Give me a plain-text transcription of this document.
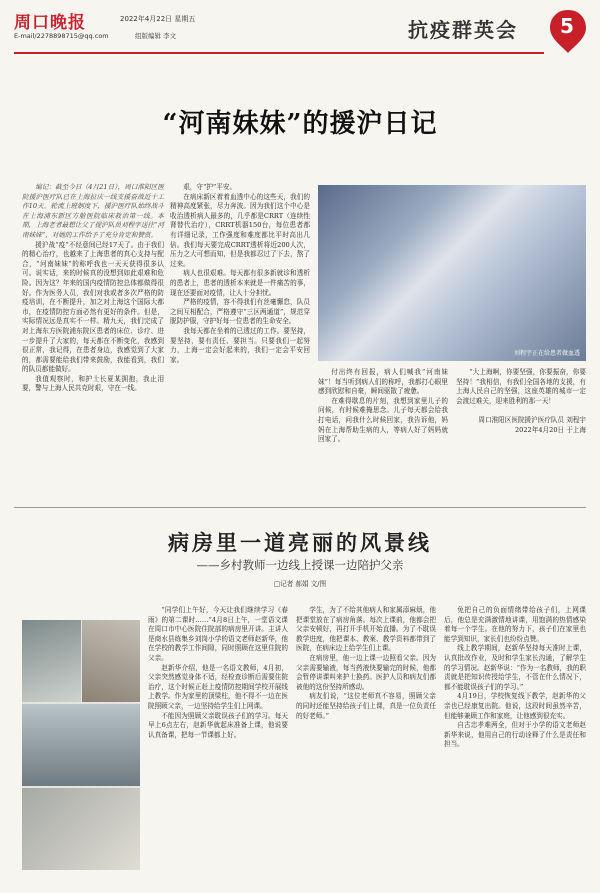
周口晚报
E-mail/2278898715@qq.com
2022年4月22日 星期五
组版编辑 李文	抗疫群英会 5
“河南妹妹”的援沪日记

编记：截至今日（4月21日），周口淮阳区医院援沪医疗队已在上海拉庆一线支援奋战近十工作10天。轮流上班制度下，援沪医疗队始终战斗在上海浦东新区方舱医院临床救治第一线。本期，上海老者最想让父了提沪队员刘程宇送往“河南妹妹”，对她的工作给予了充分肯定和赞赏。

援沪战“疫”不经意间已经17天了。由于我们的精心治疗，也越来了上海患者的真心支持与配合，“河南妹妹”的称呼我也一天天获得很多认可。说实话，来的时候真的没想到如此艰难和危险。因为这？年来的国内疫情防控总体都做得很好。作为医务人员，我们对我或者多次严格的防疫培训，在不断提升，加之对上海这个国际大都市，在疫情防控方面必然有更好的条件。但是，实际情况远是真实不一样。精九天，我们完成了对上海东方医院浦东院区患者的床位、诊疗、进一步提升了大家的，每天都在不断变化，我感到很正常，我记得，在患者身边，我感觉到了大家的，都需要能给我们带来鼓励，我能看到，我们的队员都能做好。

我值观察时，和护士长夏某拥抱，我止泪要，警与上海人民共克时艰，守在一线。

艰，守“护”平安。

在病床新区着着血透中心的这些天，我们的精神高度紧张，尽力奔波。因为我们这个中心是收治透析病人最多的，几乎都是CRRT（连续性肾替代治疗），CRRT机器150台，每位患者都有详细记录，工作强度和难度都比平时高出几倍。我们每天要完成CRRT透析将近200人次，压力之大可想而知，但是我都忍过了下去，熬了过来。

病人也很艰难。每天都有很多新就诊和透析的患者上，患者的透析本来就是一件痛苦的事，现在还要面对疫情，让人十分担忧。

严格的疫情，容不得我们有丝毫懈怠，队员之间互相配合，严格遵守“三区两通道”，规范穿脱防护服，守护好每一位患者的生命安全。

我每天都在坐着的已透过的工作。要坚持，要坚持，要有责任、要担当。只要我们一起努力，上海一定会好起来的，我们一定会平安回家。

刘程宇正在给患者做血透

付出终有回报，病人们喊我“河南妹妹”！每当听到病人们的称呼，我都打心眼里感到欣慰和自豪，瞬间驱散了疲惫。

在难得歇息的片刻，我想到家里儿子的问候，有时候难掩思念。儿子每天都会给我打电话，问我什么时候回家，我告诉他，妈妈在上海帮助生病的人，等病人好了妈妈就回家了。

“大上海啊，你要坚强，你要振奋，你要坚持！”我相信，有我们全国各地的支援，有上海人民自己的坚强，这座英雄的城市一定会渡过难关，迎来胜利的那一天！

周口淮阳区医院援沪医疗队员 刘程宇

2022年4月20日 于上海

病房里一道亮丽的风景线
——乡村教师一边线上授课一边陪护父亲
□记者 郝娟 文/图

“同学们上午好，今天让我们继续学习《春雨》的第二课时……”4月8日上午，一堂语文课在周口市中心医院住院部的病房里开讲。主讲人是商水县练集乡刘岗小学的语文老师赵新华，他在学校的教学工作间隙，同时照顾在这里住院的父亲。

赵新华介绍，他是一名语文教师，4月初，父亲突然感觉身体不适，经检查诊断后需要住院治疗，这个时候正赶上疫情防控期间学校开展线上教学。作为家里的顶梁柱，他不得不一边在医院照顾父亲，一边坚持给学生们上网课。

不能因为照顾父亲耽误孩子们的学习。每天早上6点左右，赵新华就起床准备上课，他说要认真备课，把每一节课都上好。

学生，为了不给其他病人和家属添麻烦，他把课堂放在了病房角落。每次上课前，他都会把父亲安顿好，再打开手机开始直播。为了不耽误教学进度，他把课本、教案、教学资料都带到了医院，在病床边上给学生们上课。

在病房里，他一边上课一边照看父亲。因为父亲需要输液，每当药液快要输完的时候，他都会暂停讲课叫来护士换药。医护人员和病友们都被他的这份坚持所感动。

病友们说，“这位老师真不容易，照顾父亲的同时还能坚持给孩子们上课，真是一位负责任的好老师。”

免把自己的负面情绪带给孩子们，上网课后，他总是充满激情地讲课，用饱满的热情感染着每一个学生。在他的努力下，孩子们在家里也能学到知识，家长们也纷纷点赞。

线上教学期间，赵新华坚持每天准时上课，认真批改作业，及时和学生家长沟通，了解学生的学习情况。赵新华说：“作为一名教师，我的职责就是把知识传授给学生，不管在什么情况下，都不能耽误孩子们的学习。”

4月19日，学校恢复线下教学，赵新华的父亲也已经康复出院。他说，这段时间虽然辛苦，但能够兼顾工作和家庭，让他感到很充实。

自古忠孝难两全，但对于小学的语文老师赵新华来说，他用自己的行动诠释了什么是责任和担当。
